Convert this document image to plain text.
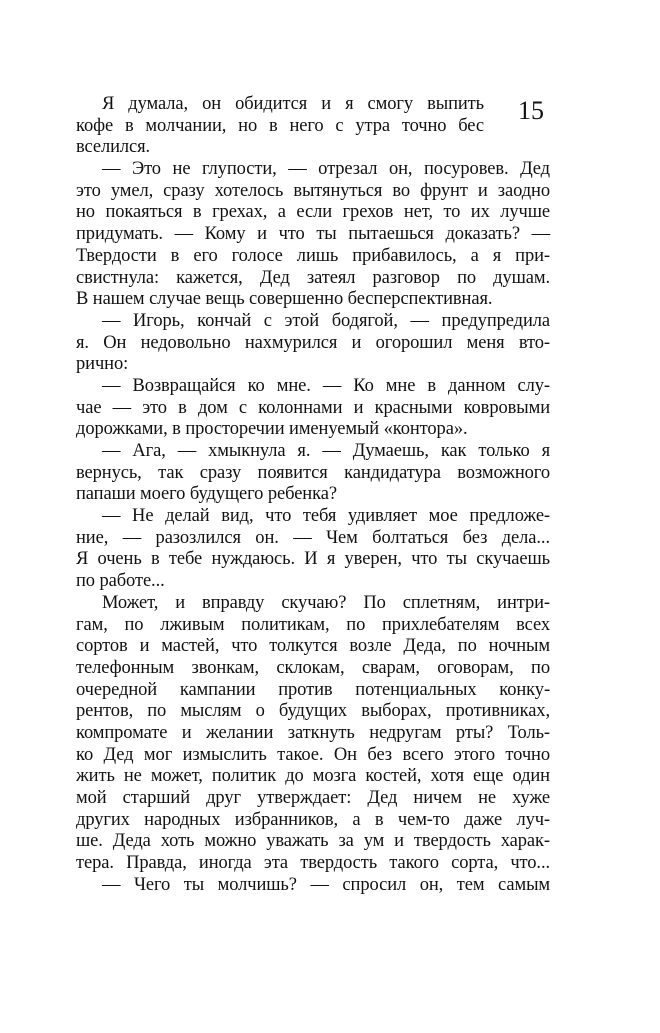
15
Я думала, он обидится и я смогу выпить
кофе в молчании, но в него с утра точно бес
вселился.
— Это не глупости, — отрезал он, посуровев. Дед
это умел, сразу хотелось вытянуться во фрунт и заодно
но покаяться в грехах, а если грехов нет, то их лучше
придумать. — Кому и что ты пытаешься доказать? —
Твердости в его голосе лишь прибавилось, а я при-
свистнула: кажется, Дед затеял разговор по душам.
В нашем случае вещь совершенно бесперспективная.
— Игорь, кончай с этой бодягой, — предупредила
я. Он недовольно нахмурился и огорошил меня вто-
рично:
— Возвращайся ко мне. — Ко мне в данном слу-
чае — это в дом с колоннами и красными ковровыми
дорожками, в просторечии именуемый «контора».
— Ага, — хмыкнула я. — Думаешь, как только я
вернусь, так сразу появится кандидатура возможного
папаши моего будущего ребенка?
— Не делай вид, что тебя удивляет мое предложе-
ние, — разозлился он. — Чем болтаться без дела...
Я очень в тебе нуждаюсь. И я уверен, что ты скучаешь
по работе...
Может, и вправду скучаю? По сплетням, интри-
гам, по лживым политикам, по прихлебателям всех
сортов и мастей, что толкутся возле Деда, по ночным
телефонным звонкам, склокам, сварам, оговорам, по
очередной кампании против потенциальных конку-
рентов, по мыслям о будущих выборах, противниках,
компромате и желании заткнуть недругам рты? Толь-
ко Дед мог измыслить такое. Он без всего этого точно
жить не может, политик до мозга костей, хотя еще один
мой старший друг утверждает: Дед ничем не хуже
других народных избранников, а в чем-то даже луч-
ше. Деда хоть можно уважать за ум и твердость харак-
тера. Правда, иногда эта твердость такого сорта, что...
— Чего ты молчишь? — спросил он, тем самым
